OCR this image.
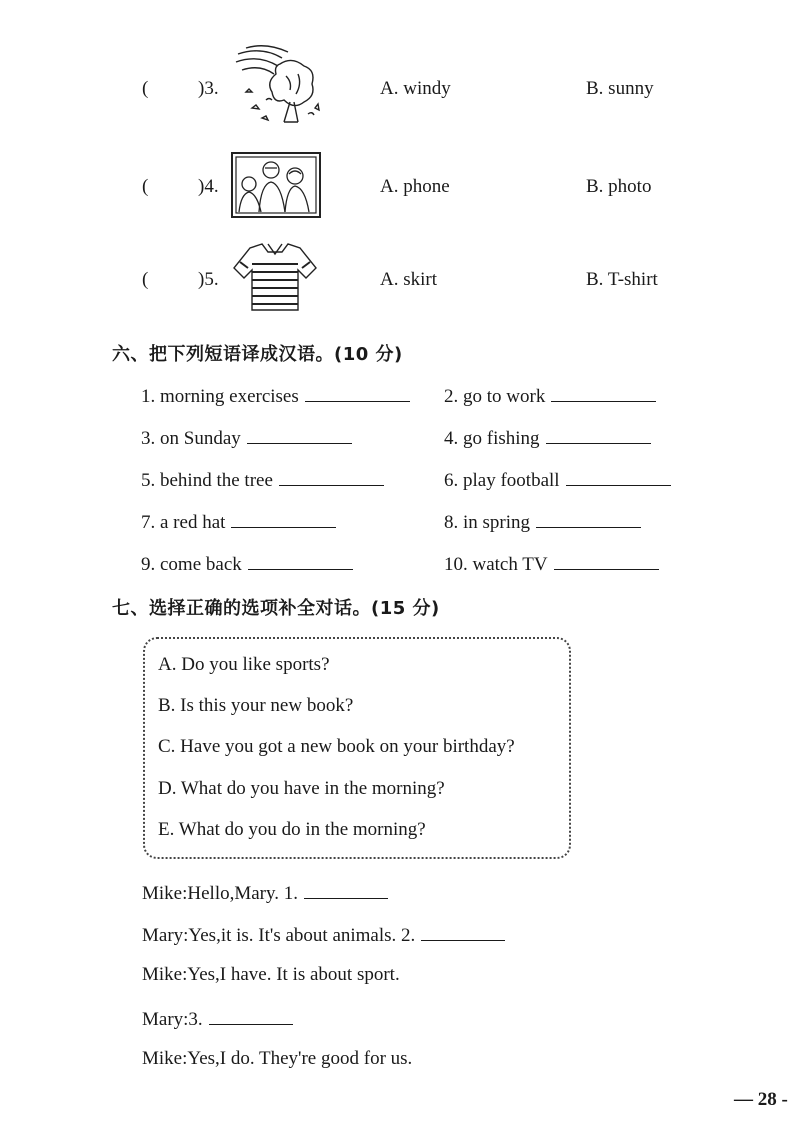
(	)3.	A. windy	B. sunny
(	)4.	A. phone	B. photo
(	)5.	A. skirt	B. T-shirt
六、把下列短语译成汉语。(10 分)
1. morning exercises	2. go to work
3. on Sunday	4. go fishing
5. behind the tree	6. play football
7. a red hat	8. in spring
9. come back	10. watch TV
七、选择正确的选项补全对话。(15 分)
A. Do you like sports?
B. Is this your new book?
C. Have you got a new book on your birthday?
D. What do you have in the morning?
E. What do you do in the morning?
Mike:Hello,Mary. 1.
Mary:Yes,it is. It's about animals. 2.
Mike:Yes,I have. It is about sport.
Mary:3.
Mike:Yes,I do. They're good for us.
— 28 -
